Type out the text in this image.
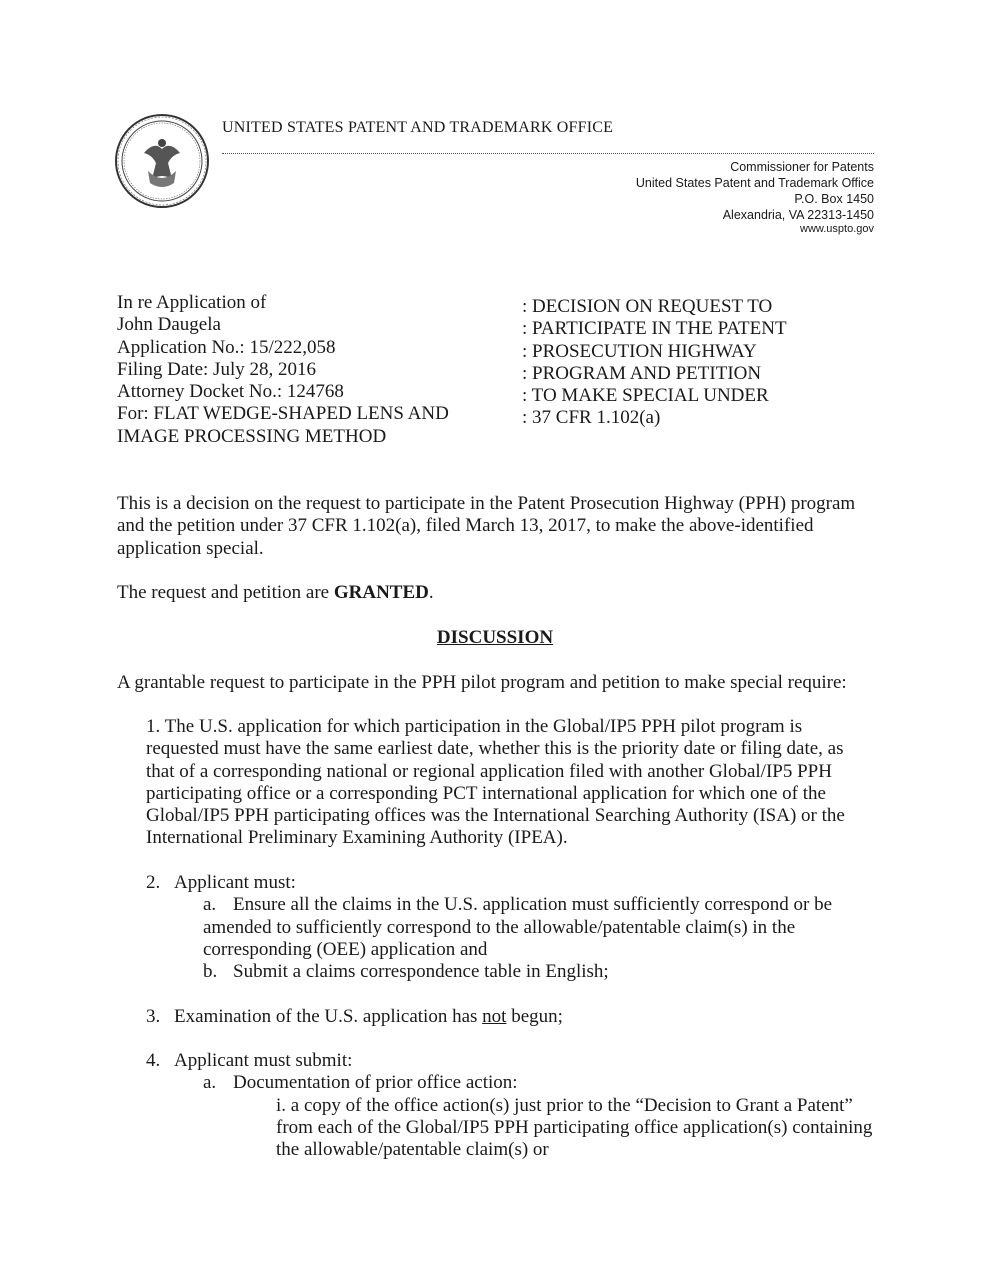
UNITED STATES PATENT AND TRADEMARK OFFICE
Commissioner for Patents
United States Patent and Trademark Office
P.O. Box 1450
Alexandria, VA 22313-1450
www.uspto.gov
In re Application of
John Daugela
Application No.: 15/222,058
Filing Date: July 28, 2016
Attorney Docket No.: 124768
For: FLAT WEDGE-SHAPED LENS AND
IMAGE PROCESSING METHOD
: DECISION ON REQUEST TO
: PARTICIPATE IN THE PATENT
: PROSECUTION HIGHWAY
: PROGRAM AND PETITION
: TO MAKE SPECIAL UNDER
: 37 CFR 1.102(a)
This is a decision on the request to participate in the Patent Prosecution Highway (PPH) program and the petition under 37 CFR 1.102(a), filed March 13, 2017, to make the above-identified application special.
The request and petition are GRANTED.
DISCUSSION
A grantable request to participate in the PPH pilot program and petition to make special require:
1. The U.S. application for which participation in the Global/IP5 PPH pilot program is requested must have the same earliest date, whether this is the priority date or filing date, as that of a corresponding national or regional application filed with another Global/IP5 PPH participating office or a corresponding PCT international application for which one of the Global/IP5 PPH participating offices was the International Searching Authority (ISA) or the International Preliminary Examining Authority (IPEA).
2. Applicant must:
a. Ensure all the claims in the U.S. application must sufficiently correspond or be amended to sufficiently correspond to the allowable/patentable claim(s) in the corresponding (OEE) application and
b. Submit a claims correspondence table in English;
3. Examination of the U.S. application has not begun;
4. Applicant must submit:
a. Documentation of prior office action:
i. a copy of the office action(s) just prior to the “Decision to Grant a Patent” from each of the Global/IP5 PPH participating office application(s) containing the allowable/patentable claim(s) or
